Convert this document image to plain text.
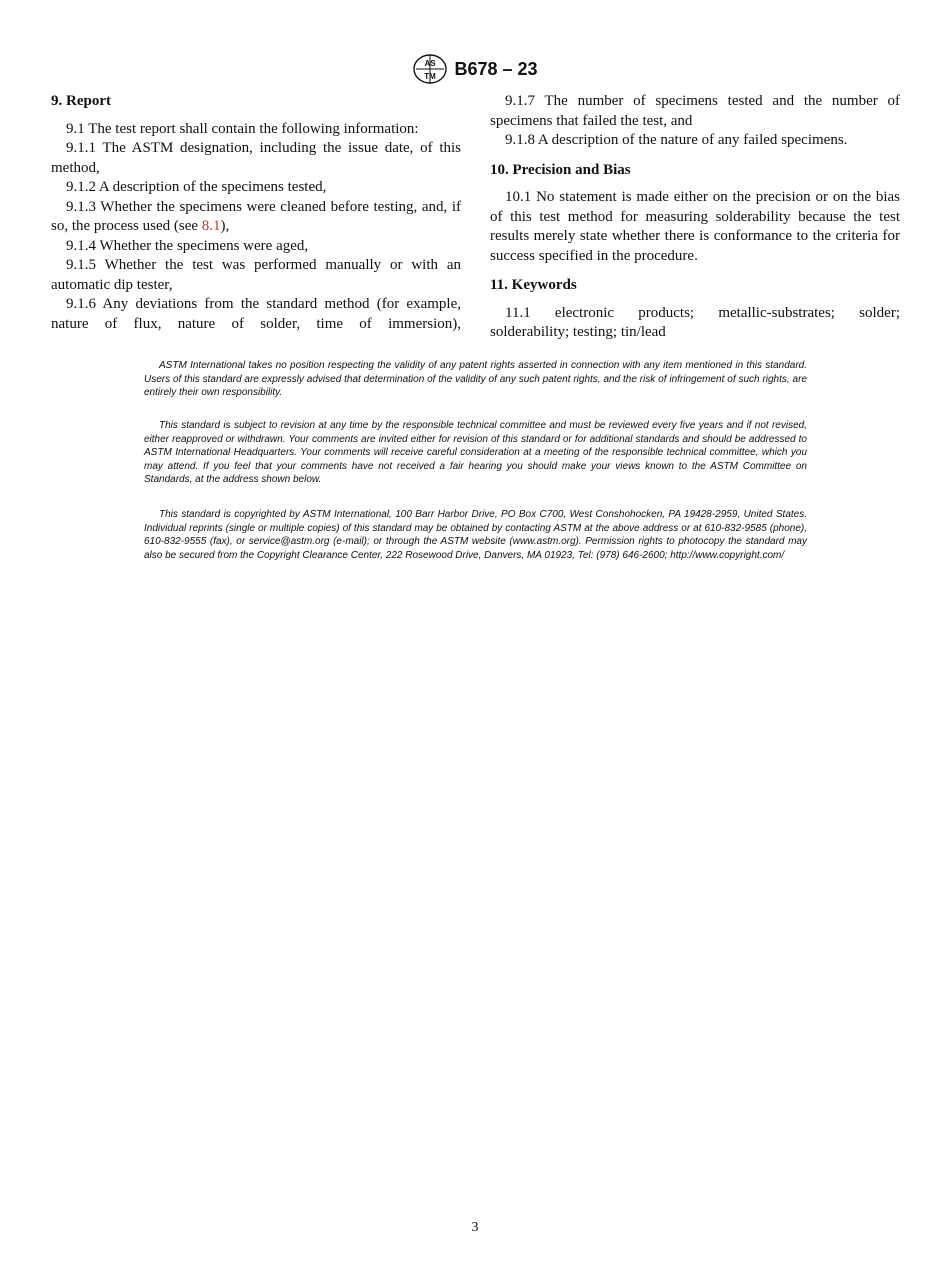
AS
TM B678 – 23
9. Report

9.1 The test report shall contain the following information:

9.1.1 The ASTM designation, including the issue date, of this method,

9.1.2 A description of the specimens tested,

9.1.3 Whether the specimens were cleaned before testing, and, if so, the process used (see 8.1),

9.1.4 Whether the specimens were aged,

9.1.5 Whether the test was performed manually or with an automatic dip tester,

9.1.6 Any deviations from the standard method (for example, nature of flux, nature of solder, time of immersion),

9.1.7 The number of specimens tested and the number of specimens that failed the test, and

9.1.8 A description of the nature of any failed specimens.

10. Precision and Bias

10.1 No statement is made either on the precision or on the bias of this test method for measuring solderability because the test results merely state whether there is conformance to the criteria for success specified in the procedure.

11. Keywords

11.1 electronic products; metallic-substrates; solder; solderability; testing; tin/lead

ASTM International takes no position respecting the validity of any patent rights asserted in connection with any item mentioned in this standard. Users of this standard are expressly advised that determination of the validity of any such patent rights, and the risk of infringement of such rights, are entirely their own responsibility.

This standard is subject to revision at any time by the responsible technical committee and must be reviewed every five years and if not revised, either reapproved or withdrawn. Your comments are invited either for revision of this standard or for additional standards and should be addressed to ASTM International Headquarters. Your comments will receive careful consideration at a meeting of the responsible technical committee, which you may attend. If you feel that your comments have not received a fair hearing you should make your views known to the ASTM Committee on Standards, at the address shown below.

This standard is copyrighted by ASTM International, 100 Barr Harbor Drive, PO Box C700, West Conshohocken, PA 19428-2959, United States. Individual reprints (single or multiple copies) of this standard may be obtained by contacting ASTM at the above address or at 610-832-9585 (phone), 610-832-9555 (fax), or service@astm.org (e-mail); or through the ASTM website (www.astm.org). Permission rights to photocopy the standard may also be secured from the Copyright Clearance Center, 222 Rosewood Drive, Danvers, MA 01923, Tel: (978) 646-2600; http://www.copyright.com/

3
